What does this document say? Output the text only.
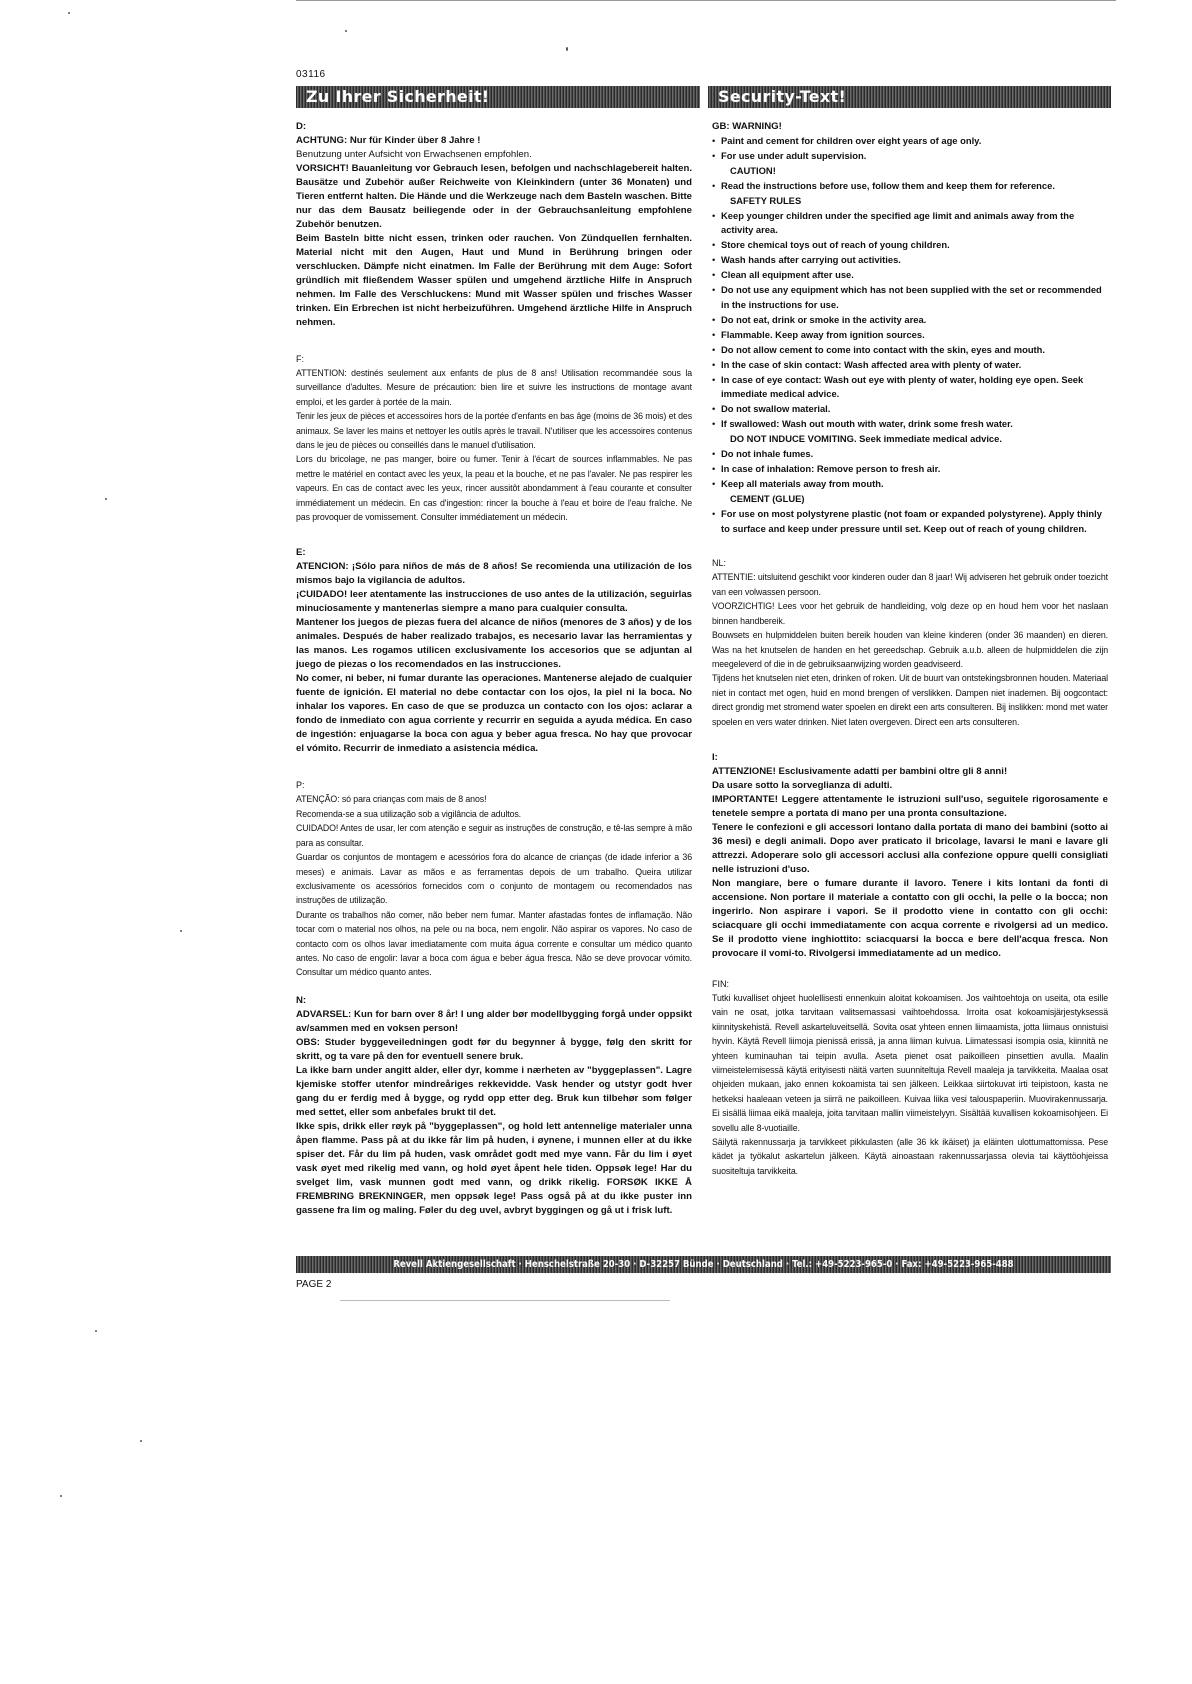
03116
Zu Ihrer Sicherheit!	Security-Text!

D:

ACHTUNG: Nur für Kinder über 8 Jahre !

Benutzung unter Aufsicht von Erwachsenen empfohlen.

VORSICHT! Bauanleitung vor Gebrauch lesen, befolgen und nachschlagebereit halten. Bausätze und Zubehör außer Reichweite von Kleinkindern (unter 36 Monaten) und Tieren entfernt halten. Die Hände und die Werkzeuge nach dem Basteln waschen. Bitte nur das dem Bausatz beiliegende oder in der Gebrauchsanleitung empfohlene Zubehör benutzen.

Beim Basteln bitte nicht essen, trinken oder rauchen. Von Zündquellen fernhalten. Material nicht mit den Augen, Haut und Mund in Berührung bringen oder verschlucken. Dämpfe nicht einatmen. Im Falle der Berührung mit dem Auge: Sofort gründlich mit fließendem Wasser spülen und umgehend ärztliche Hilfe in Anspruch nehmen. Im Falle des Verschluckens: Mund mit Wasser spülen und frisches Wasser trinken. Ein Erbrechen ist nicht herbeizuführen. Umgehend ärztliche Hilfe in Anspruch nehmen.

F:

ATTENTION: destinés seulement aux enfants de plus de 8 ans! Utilisation recommandée sous la surveillance d'adultes. Mesure de précaution: bien lire et suivre les instructions de montage avant emploi, et les garder à portée de la main.

Tenir les jeux de pièces et accessoires hors de la portée d'enfants en bas âge (moins de 36 mois) et des animaux. Se laver les mains et nettoyer les outils après le travail. N'utiliser que les accessoires contenus dans le jeu de pièces ou conseillés dans le manuel d'utilisation.

Lors du bricolage, ne pas manger, boire ou fumer. Tenir à l'écart de sources inflammables. Ne pas mettre le matériel en contact avec les yeux, la peau et la bouche, et ne pas l'avaler. Ne pas respirer les vapeurs. En cas de contact avec les yeux, rincer aussitôt abondamment à l'eau courante et consulter immédiatement un médecin. En cas d'ingestion: rincer la bouche à l'eau et boire de l'eau fraîche. Ne pas provoquer de vomissement. Consulter immédiatement un médecin.

E:

ATENCION: ¡Sólo para niños de más de 8 años! Se recomienda una utilización de los mismos bajo la vigilancia de adultos.

¡CUIDADO! leer atentamente las instrucciones de uso antes de la utilización, seguirlas minuciosamente y mantenerlas siempre a mano para cualquier consulta.

Mantener los juegos de piezas fuera del alcance de niños (menores de 3 años) y de los animales. Después de haber realizado trabajos, es necesario lavar las herramientas y las manos. Les rogamos utilicen exclusivamente los accesorios que se adjuntan al juego de piezas o los recomendados en las instrucciones.

No comer, ni beber, ni fumar durante las operaciones. Mantenerse alejado de cualquier fuente de ignición. El material no debe contactar con los ojos, la piel ni la boca. No inhalar los vapores. En caso de que se produzca un contacto con los ojos: aclarar a fondo de inmediato con agua corriente y recurrir en seguida a ayuda médica. En caso de ingestión: enjuagarse la boca con agua y beber agua fresca. No hay que provocar el vómito. Recurrir de inmediato a asistencia médica.

P:

ATENÇÃO: só para crianças com mais de 8 anos!

Recomenda-se a sua utilização sob a vigilância de adultos.

CUIDADO! Antes de usar, ler com atenção e seguir as instruções de construção, e tê-las sempre à mão para as consultar.

Guardar os conjuntos de montagem e acessórios fora do alcance de crianças (de idade inferior a 36 meses) e animais. Lavar as mãos e as ferramentas depois de um trabalho. Queira utilizar exclusivamente os acessórios fornecidos com o conjunto de montagem ou recomendados nas instruções de utilização.

Durante os trabalhos não comer, não beber nem fumar. Manter afastadas fontes de inflamação. Não tocar com o material nos olhos, na pele ou na boca, nem engolir. Não aspirar os vapores. No caso de contacto com os olhos lavar imediatamente com muita água corrente e consultar um médico quanto antes. No caso de engolir: lavar a boca com água e beber água fresca. Não se deve provocar vómito. Consultar um médico quanto antes.

N:

ADVARSEL: Kun for barn over 8 år! I ung alder bør modellbygging forgå under oppsikt av/sammen med en voksen person!

OBS: Studer byggeveiledningen godt før du begynner å bygge, følg den skritt for skritt, og ta vare på den for eventuell senere bruk.

La ikke barn under angitt alder, eller dyr, komme i nærheten av "byggeplassen". Lagre kjemiske stoffer utenfor mindreåriges rekkevidde. Vask hender og utstyr godt hver gang du er ferdig med å bygge, og rydd opp etter deg. Bruk kun tilbehør som følger med settet, eller som anbefales brukt til det.

Ikke spis, drikk eller røyk på "byggeplassen", og hold lett antennelige materialer unna åpen flamme. Pass på at du ikke får lim på huden, i øynene, i munnen eller at du ikke spiser det. Får du lim på huden, vask området godt med mye vann. Får du lim i øyet vask øyet med rikelig med vann, og hold øyet åpent hele tiden. Oppsøk lege! Har du svelget lim, vask munnen godt med vann, og drikk rikelig. FORSØK IKKE Å FREMBRING BREKNINGER, men oppsøk lege! Pass også på at du ikke puster inn gassene fra lim og maling. Føler du deg uvel, avbryt byggingen og gå ut i frisk luft.

GB: WARNING!

• Paint and cement for children over eight years of age only.
• For use under adult supervision.
CAUTION!
• Read the instructions before use, follow them and keep them for reference.
SAFETY RULES
• Keep younger children under the specified age limit and animals away from the activity area.
• Store chemical toys out of reach of young children.
• Wash hands after carrying out activities.
• Clean all equipment after use.
• Do not use any equipment which has not been supplied with the set or recommended in the instructions for use.
• Do not eat, drink or smoke in the activity area.
• Flammable. Keep away from ignition sources.
• Do not allow cement to come into contact with the skin, eyes and mouth.
• In the case of skin contact: Wash affected area with plenty of water.
• In case of eye contact: Wash out eye with plenty of water, holding eye open. Seek immediate medical advice.
• Do not swallow material.
• If swallowed: Wash out mouth with water, drink some fresh water.
DO NOT INDUCE VOMITING. Seek immediate medical advice.
• Do not inhale fumes.
• In case of inhalation: Remove person to fresh air.
• Keep all materials away from mouth.
CEMENT (GLUE)
• For use on most polystyrene plastic (not foam or expanded polystyrene). Apply thinly to surface and keep under pressure until set. Keep out of reach of young children.

NL:

ATTENTIE: uitsluitend geschikt voor kinderen ouder dan 8 jaar! Wij adviseren het gebruik onder toezicht van een volwassen persoon.

VOORZICHTIG! Lees voor het gebruik de handleiding, volg deze op en houd hem voor het naslaan binnen handbereik.

Bouwsets en hulpmiddelen buiten bereik houden van kleine kinderen (onder 36 maanden) en dieren. Was na het knutselen de handen en het gereedschap. Gebruik a.u.b. alleen de hulpmiddelen die zijn meegeleverd of die in de gebruiksaanwijzing worden geadviseerd.

Tijdens het knutselen niet eten, drinken of roken. Uit de buurt van ontstekingsbronnen houden. Materiaal niet in contact met ogen, huid en mond brengen of verslikken. Dampen niet inademen. Bij oogcontact: direct grondig met stromend water spoelen en direkt een arts consulteren. Bij inslikken: mond met water spoelen en vers water drinken. Niet laten overgeven. Direct een arts consulteren.

I:

ATTENZIONE! Esclusivamente adatti per bambini oltre gli 8 anni!

Da usare sotto la sorveglianza di adulti.

IMPORTANTE! Leggere attentamente le istruzioni sull'uso, seguitele rigorosamente e tenetele sempre a portata di mano per una pronta consultazione.

Tenere le confezioni e gli accessori lontano dalla portata di mano dei bambini (sotto ai 36 mesi) e degli animali. Dopo aver praticato il bricolage, lavarsi le mani e lavare gli attrezzi. Adoperare solo gli accessori acclusi alla confezione oppure quelli consigliati nelle istruzioni d'uso.

Non mangiare, bere o fumare durante il lavoro. Tenere i kits lontani da fonti di accensione. Non portare il materiale a contatto con gli occhi, la pelle o la bocca; non ingerirlo. Non aspirare i vapori. Se il prodotto viene in contatto con gli occhi: sciacquare gli occhi immediatamente con acqua corrente e rivolgersi ad un medico. Se il prodotto viene inghiottito: sciacquarsi la bocca e bere dell'acqua fresca. Non provocare il vomi-to. Rivolgersi immediatamente ad un medico.

FIN:

Tutki kuvalliset ohjeet huolellisesti ennenkuin aloitat kokoamisen. Jos vaihtoehtoja on useita, ota esille vain ne osat, jotka tarvitaan valitsemassasi vaihtoehdossa. Irroita osat kokoamisjärjestyksessä kiinnityskehistä. Revell askarteluveitsellä. Sovita osat yhteen ennen liimaamista, jotta liimaus onnistuisi hyvin. Käytä Revell liimoja pienissä erissä, ja anna liiman kuivua. Liimatessasi isompia osia, kiinnitä ne yhteen kuminauhan tai teipin avulla. Aseta pienet osat paikoilleen pinsettien avulla. Maalin viimeistelemisessä käytä erityisesti näitä varten suunniteltuja Revell maaleja ja tarvikkeita. Maalaa osat ohjeiden mukaan, jako ennen kokoamista tai sen jälkeen. Leikkaa siirtokuvat irti teipistoon, kasta ne hetkeksi haaleaan veteen ja siirrä ne paikoilleen. Kuivaa liika vesi talouspaperiin. Muovirakennussarja. Ei sisällä liimaa eikä maaleja, joita tarvitaan mallin viimeistelyyn. Sisältää kuvallisen kokoamisohjeen. Ei sovellu alle 8-vuotiaille.

Säilytä rakennussarja ja tarvikkeet pikkulasten (alle 36 kk ikäiset) ja eläinten ulottumattomissa. Pese kädet ja työkalut askartelun jälkeen. Käytä ainoastaan rakennussarjassa olevia tai käyttöohjeissa suositeltuja tarvikkeita.

Revell Aktiengesellschaft · Henschelstraße 20-30 · D-32257 Bünde · Deutschland · Tel.: +49-5223-965-0 · Fax: +49-5223-965-488
PAGE 2
